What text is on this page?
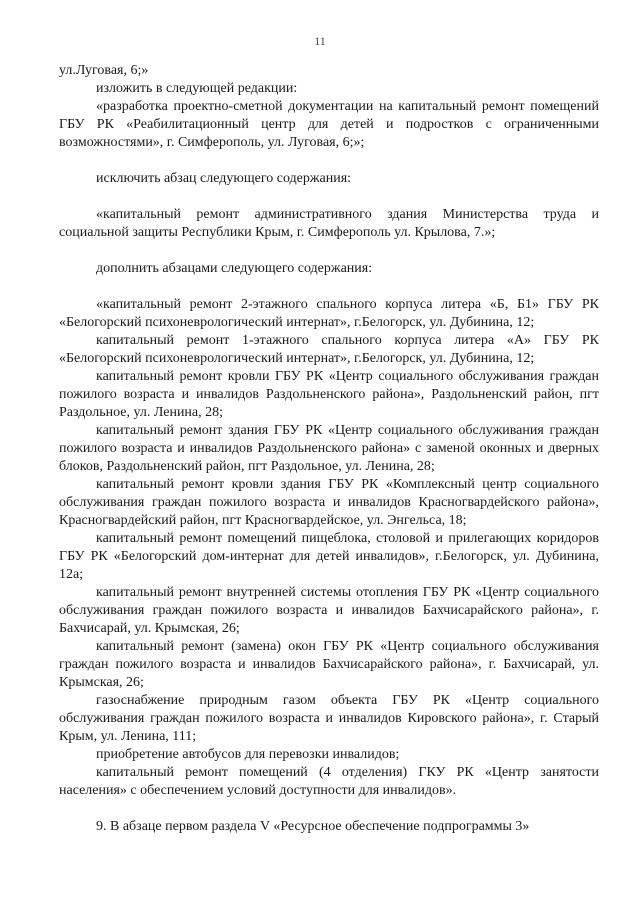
11

ул.Луговая, 6;»

изложить в следующей редакции:

«разработка проектно-сметной документации на капитальный ремонт помещений ГБУ РК «Реабилитационный центр для детей и подростков с ограниченными возможностями», г. Симферополь, ул. Луговая, 6;»;

исключить абзац следующего содержания:

«капитальный ремонт административного здания Министерства труда и социальной защиты Республики Крым, г. Симферополь ул. Крылова, 7.»;

дополнить абзацами следующего содержания:

«капитальный ремонт 2-этажного спального корпуса литера «Б, Б1» ГБУ РК «Белогорский психоневрологический интернат», г.Белогорск, ул. Дубинина, 12;

капитальный ремонт 1-этажного спального корпуса литера «А» ГБУ РК «Белогорский психоневрологический интернат», г.Белогорск, ул. Дубинина, 12;

капитальный ремонт кровли ГБУ РК «Центр социального обслуживания граждан пожилого возраста и инвалидов Раздольненского района», Раздольненский район, пгт Раздольное, ул. Ленина, 28;

капитальный ремонт здания ГБУ РК «Центр социального обслуживания граждан пожилого возраста и инвалидов Раздольненского района» с заменой оконных и дверных блоков, Раздольненский район, пгт Раздольное, ул. Ленина, 28;

капитальный ремонт кровли здания ГБУ РК «Комплексный центр социального обслуживания граждан пожилого возраста и инвалидов Красногвардейского района», Красногвардейский район, пгт Красногвардейское, ул. Энгельса, 18;

капитальный ремонт помещений пищеблока, столовой и прилегающих коридоров ГБУ РК «Белогорский дом-интернат для детей инвалидов», г.Белогорск, ул. Дубинина, 12а;

капитальный ремонт внутренней системы отопления ГБУ РК «Центр социального обслуживания граждан пожилого возраста и инвалидов Бахчисарайского района», г. Бахчисарай, ул. Крымская, 26;

капитальный ремонт (замена) окон ГБУ РК «Центр социального обслуживания граждан пожилого возраста и инвалидов Бахчисарайского района», г. Бахчисарай, ул. Крымская, 26;

газоснабжение природным газом объекта ГБУ РК «Центр социального обслуживания граждан пожилого возраста и инвалидов Кировского района», г. Старый Крым, ул. Ленина, 111;

приобретение автобусов для перевозки инвалидов;

капитальный ремонт помещений (4 отделения) ГКУ РК «Центр занятости населения» с обеспечением условий доступности для инвалидов».

9. В абзаце первом раздела V «Ресурсное обеспечение подпрограммы 3»
